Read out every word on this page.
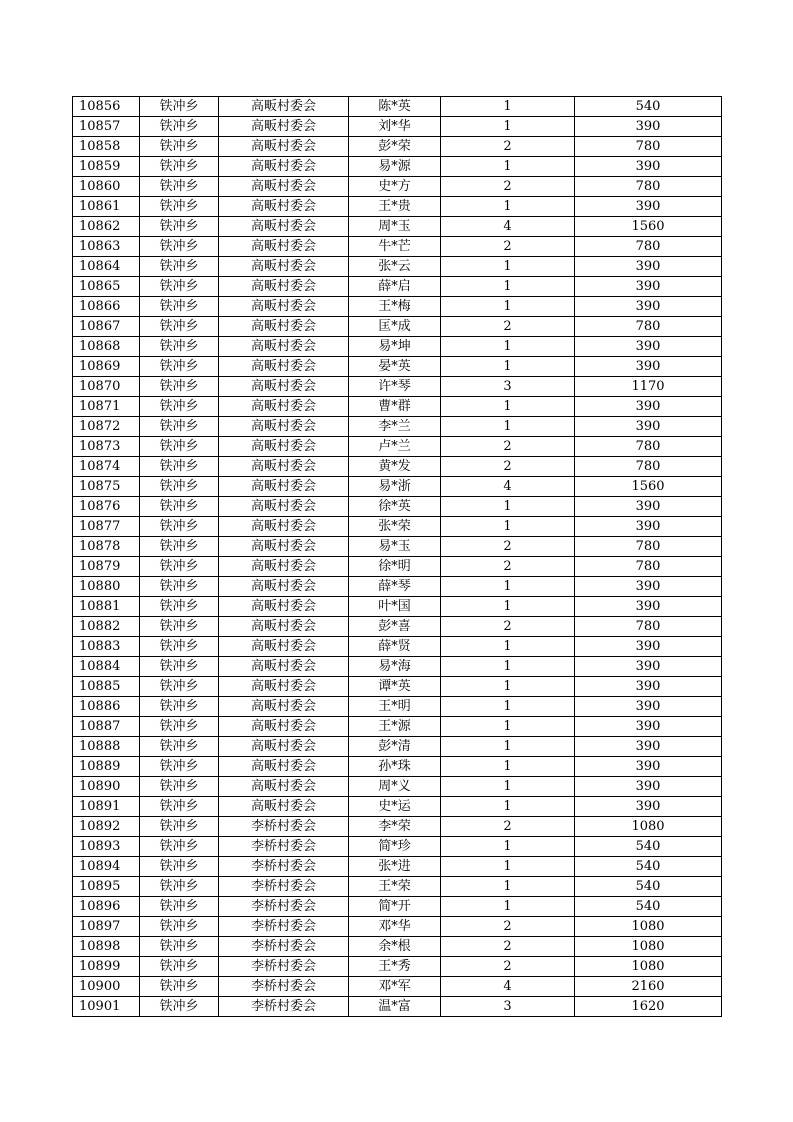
10856	铁冲乡	高畈村委会	陈*英	1	540
10857	铁冲乡	高畈村委会	刘*华	1	390
10858	铁冲乡	高畈村委会	彭*荣	2	780
10859	铁冲乡	高畈村委会	易*源	1	390
10860	铁冲乡	高畈村委会	史*方	2	780
10861	铁冲乡	高畈村委会	王*贵	1	390
10862	铁冲乡	高畈村委会	周*玉	4	1560
10863	铁冲乡	高畈村委会	牛*芒	2	780
10864	铁冲乡	高畈村委会	张*云	1	390
10865	铁冲乡	高畈村委会	薛*启	1	390
10866	铁冲乡	高畈村委会	王*梅	1	390
10867	铁冲乡	高畈村委会	匡*成	2	780
10868	铁冲乡	高畈村委会	易*坤	1	390
10869	铁冲乡	高畈村委会	晏*英	1	390
10870	铁冲乡	高畈村委会	许*琴	3	1170
10871	铁冲乡	高畈村委会	曹*群	1	390
10872	铁冲乡	高畈村委会	李*兰	1	390
10873	铁冲乡	高畈村委会	卢*兰	2	780
10874	铁冲乡	高畈村委会	黄*发	2	780
10875	铁冲乡	高畈村委会	易*浙	4	1560
10876	铁冲乡	高畈村委会	徐*英	1	390
10877	铁冲乡	高畈村委会	张*荣	1	390
10878	铁冲乡	高畈村委会	易*玉	2	780
10879	铁冲乡	高畈村委会	徐*明	2	780
10880	铁冲乡	高畈村委会	薛*琴	1	390
10881	铁冲乡	高畈村委会	叶*国	1	390
10882	铁冲乡	高畈村委会	彭*喜	2	780
10883	铁冲乡	高畈村委会	薛*贤	1	390
10884	铁冲乡	高畈村委会	易*海	1	390
10885	铁冲乡	高畈村委会	谭*英	1	390
10886	铁冲乡	高畈村委会	王*明	1	390
10887	铁冲乡	高畈村委会	王*源	1	390
10888	铁冲乡	高畈村委会	彭*清	1	390
10889	铁冲乡	高畈村委会	孙*珠	1	390
10890	铁冲乡	高畈村委会	周*义	1	390
10891	铁冲乡	高畈村委会	史*运	1	390
10892	铁冲乡	李桥村委会	李*荣	2	1080
10893	铁冲乡	李桥村委会	简*珍	1	540
10894	铁冲乡	李桥村委会	张*进	1	540
10895	铁冲乡	李桥村委会	王*荣	1	540
10896	铁冲乡	李桥村委会	简*开	1	540
10897	铁冲乡	李桥村委会	邓*华	2	1080
10898	铁冲乡	李桥村委会	余*根	2	1080
10899	铁冲乡	李桥村委会	王*秀	2	1080
10900	铁冲乡	李桥村委会	邓*军	4	2160
10901	铁冲乡	李桥村委会	温*富	3	1620
